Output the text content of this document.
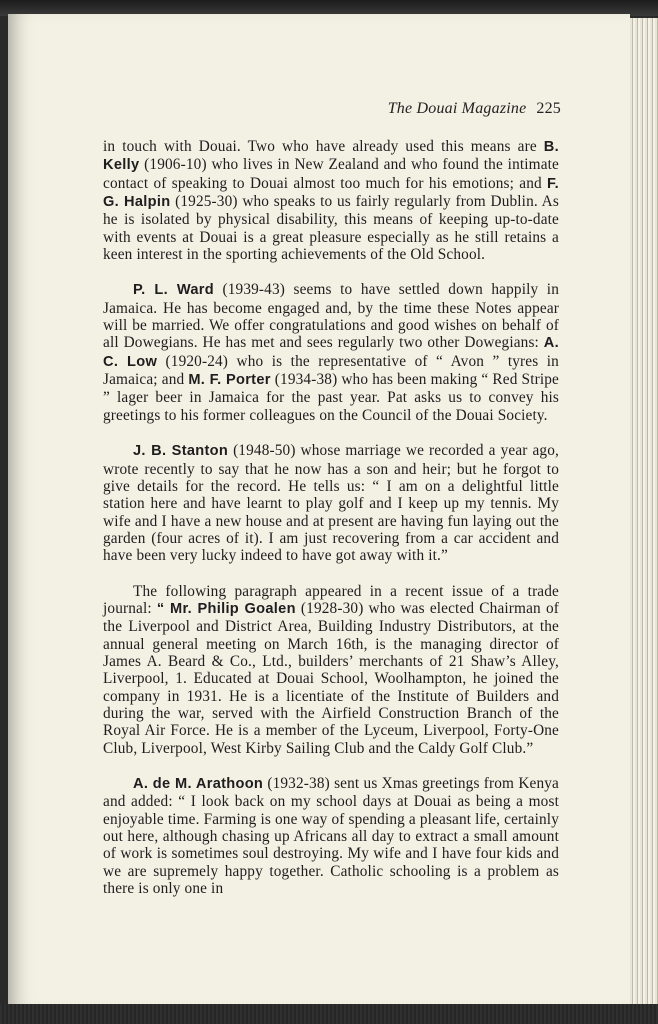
The Douai Magazine 225

in touch with Douai. Two who have already used this means are B. Kelly (1906-10) who lives in New Zealand and who found the intimate contact of speaking to Douai almost too much for his emotions; and F. G. Halpin (1925-30) who speaks to us fairly regularly from Dublin. As he is isolated by physical disability, this means of keeping up-to-date with events at Douai is a great pleasure especially as he still retains a keen interest in the sporting achievements of the Old School.

P. L. Ward (1939-43) seems to have settled down happily in Jamaica. He has become engaged and, by the time these Notes appear will be married. We offer congratulations and good wishes on behalf of all Dowegians. He has met and sees regularly two other Dowegians: A. C. Low (1920-24) who is the representative of “ Avon ” tyres in Jamaica; and M. F. Porter (1934-38) who has been making “ Red Stripe ” lager beer in Jamaica for the past year. Pat asks us to convey his greetings to his former colleagues on the Council of the Douai Society.

J. B. Stanton (1948-50) whose marriage we recorded a year ago, wrote recently to say that he now has a son and heir; but he forgot to give details for the record. He tells us: “ I am on a delightful little station here and have learnt to play golf and I keep up my tennis. My wife and I have a new house and at present are having fun laying out the garden (four acres of it). I am just recovering from a car accident and have been very lucky indeed to have got away with it.”

The following paragraph appeared in a recent issue of a trade journal: “ Mr. Philip Goalen (1928-30) who was elected Chairman of the Liverpool and District Area, Building Industry Distributors, at the annual general meeting on March 16th, is the managing director of James A. Beard & Co., Ltd., builders’ merchants of 21 Shaw’s Alley, Liverpool, 1. Educated at Douai School, Woolhampton, he joined the company in 1931. He is a licentiate of the Institute of Builders and during the war, served with the Airfield Construction Branch of the Royal Air Force. He is a member of the Lyceum, Liverpool, Forty-One Club, Liverpool, West Kirby Sailing Club and the Caldy Golf Club.”

A. de M. Arathoon (1932-38) sent us Xmas greetings from Kenya and added: “ I look back on my school days at Douai as being a most enjoyable time. Farming is one way of spending a pleasant life, certainly out here, although chasing up Africans all day to extract a small amount of work is sometimes soul destroying. My wife and I have four kids and we are supremely happy together. Catholic schooling is a problem as there is only one in
